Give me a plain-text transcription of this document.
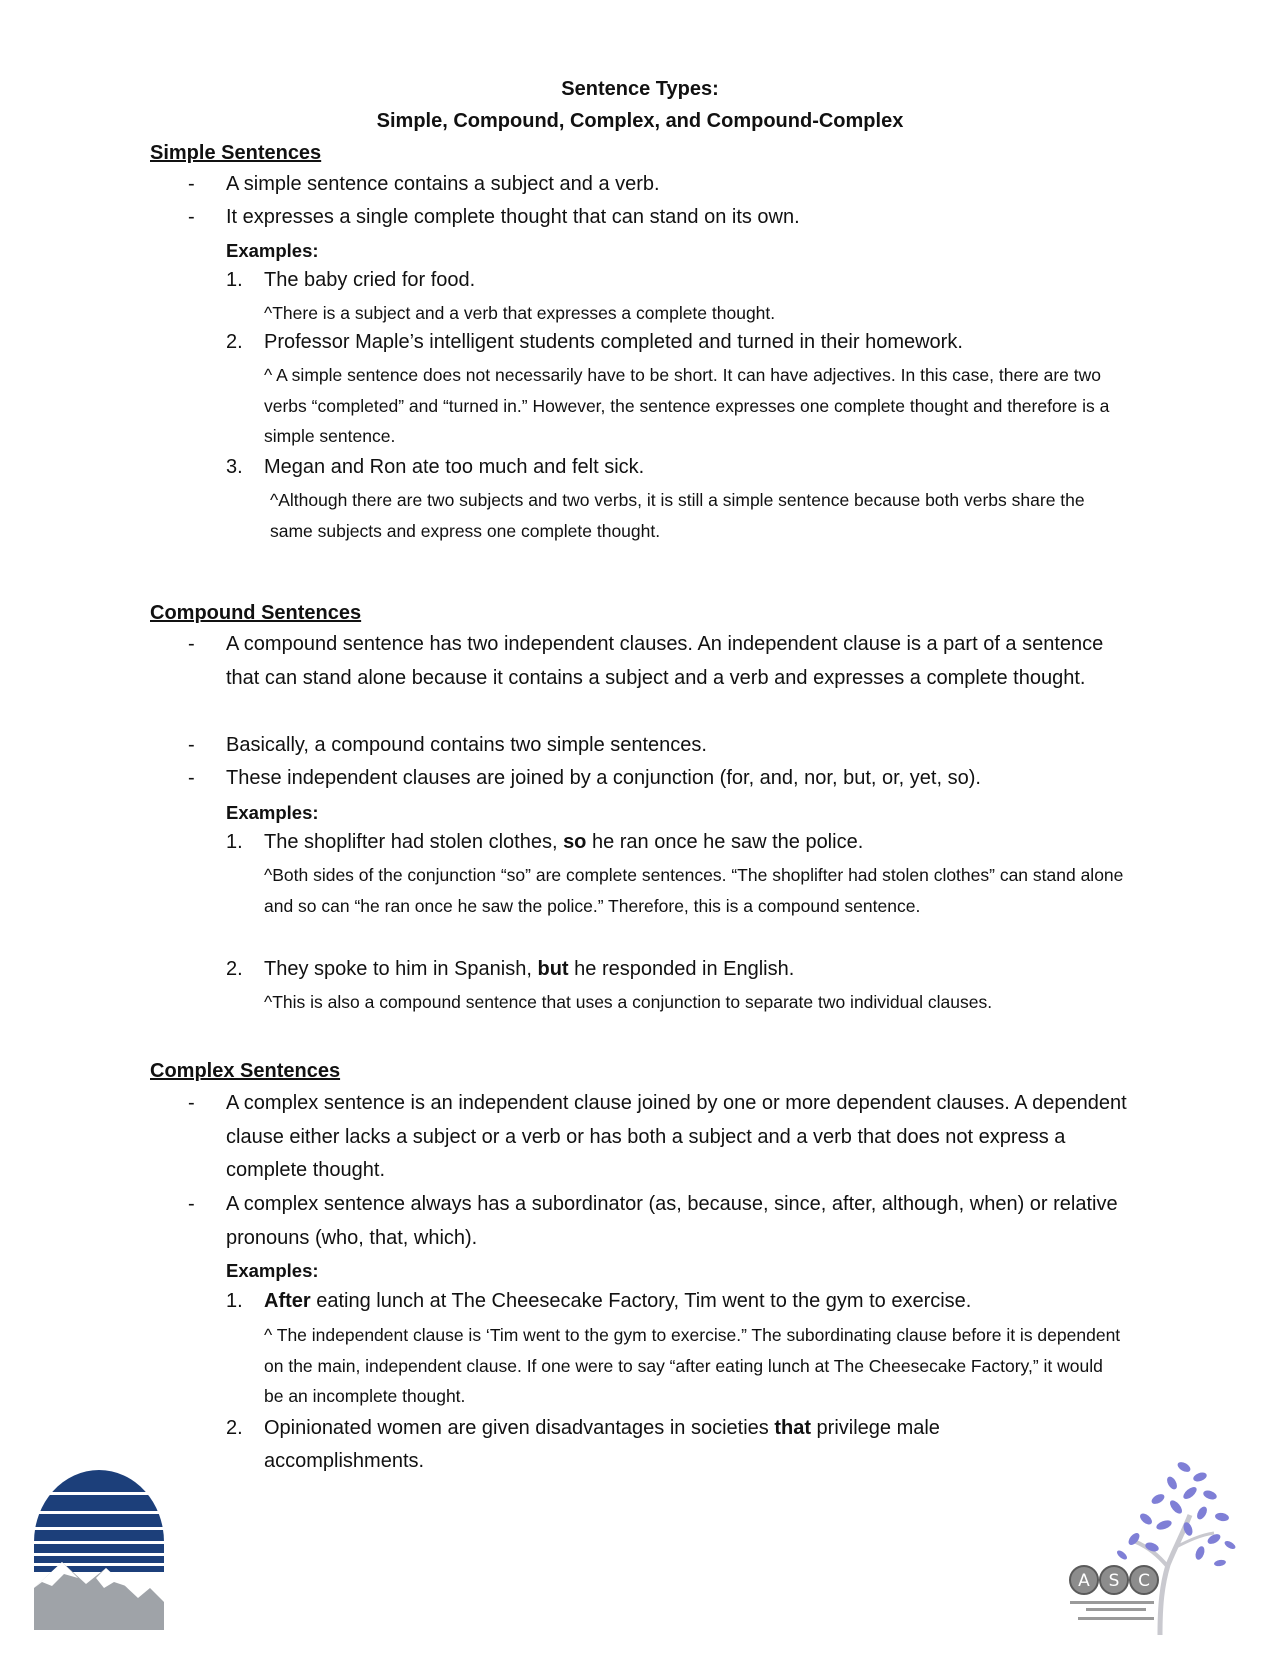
Sentence Types:
Simple, Compound, Complex, and Compound-Complex
Simple Sentences
- A simple sentence contains a subject and a verb.
- It expresses a single complete thought that can stand on its own.
Examples:
1. The baby cried for food.
^There is a subject and a verb that expresses a complete thought.
2. Professor Maple’s intelligent students completed and turned in their homework.
^ A simple sentence does not necessarily have to be short. It can have adjectives. In this case, there are two verbs “completed” and “turned in.” However, the sentence expresses one complete thought and therefore is a simple sentence.
3. Megan and Ron ate too much and felt sick.
^Although there are two subjects and two verbs, it is still a simple sentence because both verbs share the same subjects and express one complete thought.
Compound Sentences
- A compound sentence has two independent clauses. An independent clause is a part of a sentence that can stand alone because it contains a subject and a verb and expresses a complete thought.
- Basically, a compound contains two simple sentences.
- These independent clauses are joined by a conjunction (for, and, nor, but, or, yet, so).
Examples:
1. The shoplifter had stolen clothes, so he ran once he saw the police.
^Both sides of the conjunction “so” are complete sentences. “The shoplifter had stolen clothes” can stand alone and so can “he ran once he saw the police.” Therefore, this is a compound sentence.
2. They spoke to him in Spanish, but he responded in English.
^This is also a compound sentence that uses a conjunction to separate two individual clauses.
Complex Sentences
- A complex sentence is an independent clause joined by one or more dependent clauses. A dependent clause either lacks a subject or a verb or has both a subject and a verb that does not express a complete thought.
- A complex sentence always has a subordinator (as, because, since, after, although, when) or relative pronouns (who, that, which).
Examples:
1. After eating lunch at The Cheesecake Factory, Tim went to the gym to exercise.
^ The independent clause is ‘Tim went to the gym to exercise.” The subordinating clause before it is dependent on the main, independent clause. If one were to say “after eating lunch at The Cheesecake Factory,” it would be an incomplete thought.
2. Opinionated women are given disadvantages in societies that privilege male accomplishments.
A S C
